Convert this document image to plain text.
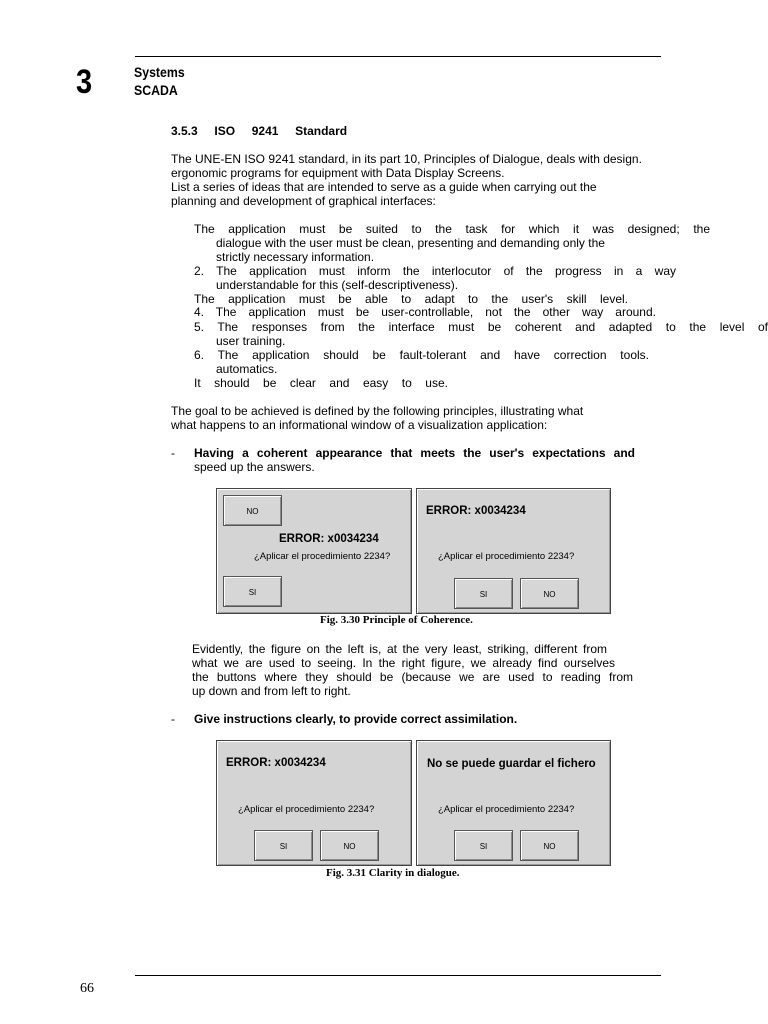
3	Systems
SCADA
3.5.3 ISO     9241     Standard
The UNE-EN ISO 9241 standard, in its part 10, Principles of Dialogue, deals with design.
ergonomic programs for equipment with Data Display Screens.
List a series of ideas that are intended to serve as a guide when carrying out the
planning and development of graphical interfaces:
The application must be suited to the task for which it was designed; the
dialogue with the user must be clean, presenting and demanding only the
strictly necessary information.
2. The application must inform the interlocutor of the progress in a way
understandable for this (self-descriptiveness).
The application must be able to adapt to the user's skill level.
4. The application must be user-controllable, not the other way around.
5. The responses from the interface must be coherent and adapted to the level of
user training.
6. The application should be fault-tolerant and have correction tools.
automatics.
It should be clear and easy to use.
The goal to be achieved is defined by the following principles, illustrating what
what happens to an informational window of a visualization application:
- Having a coherent appearance that meets the user's expectations and
speed up the answers.
NO
ERROR: x0034234
¿Aplicar el procedimiento 2234?
SI
ERROR: x0034234
¿Aplicar el procedimiento 2234?
SI	NO
Fig. 3.30 Principle of Coherence.
Evidently, the figure on the left is, at the very least, striking, different from
what we are used to seeing. In the right figure, we already find ourselves
the buttons where they should be (because we are used to reading from
up down and from left to right.
- Give instructions clearly, to provide correct assimilation.
ERROR: x0034234
¿Aplicar el procedimiento 2234?
SI	NO
No se puede guardar el fichero
¿Aplicar el procedimiento 2234?
SI	NO
Fig. 3.31 Clarity in dialogue.
66
